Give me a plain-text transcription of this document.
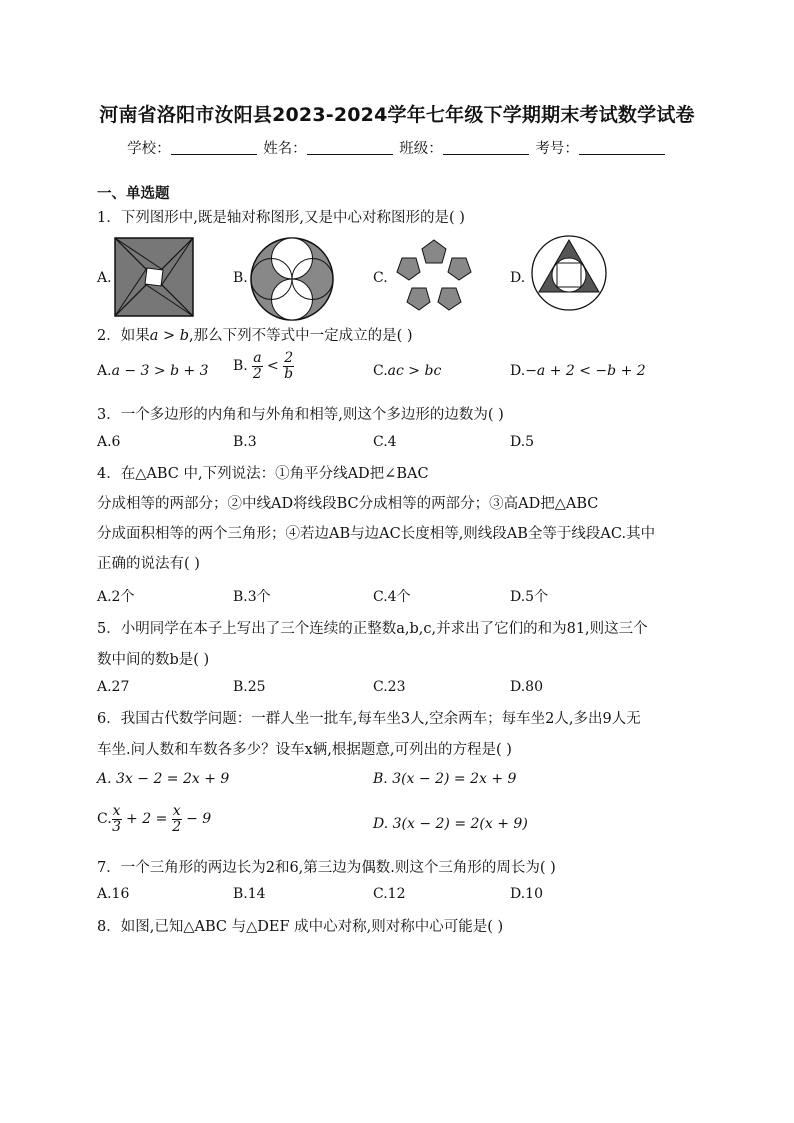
河南省洛阳市汝阳县2023-2024学年七年级下学期期末考试数学试卷
学校：	姓名：	班级：	考号：
一、单选题
1．下列图形中,既是轴对称图形,又是中心对称图形的是( )
A.	B.	C.	D.
2．如果a > b,那么下列不等式中一定成立的是( )
A.a − 3 > b + 3 B. $\frac{a}{2} < \frac{2}{b}$	C.ac > bc	D.−a + 2 < −b + 2
3．一个多边形的内角和与外角和相等,则这个多边形的边数为( )
A.6	B.3	C.4	D.5
4．在△ABC 中,下列说法：①角平分线AD把∠BAC
分成相等的两部分；②中线AD将线段BC分成相等的两部分；③高AD把△ABC
分成面积相等的两个三角形；④若边AB与边AC长度相等,则线段AB全等于线段AC.其中
正确的说法有( )
A.2个	B.3个	C.4个	D.5个
5．小明同学在本子上写出了三个连续的正整数a,b,c,并求出了它们的和为81,则这三个
数中间的数b是( )
A.27	B.25	C.23	D.80
6．我国古代数学问题：一群人坐一批车,每车坐3人,空余两车；每车坐2人,多出9人无
车坐.问人数和车数各多少？设车x辆,根据题意,可列出的方程是( )
A. 3x − 2 = 2x + 9	B. 3(x − 2) = 2x + 9
C. $\frac{x}{3} + 2 = \frac{x}{2} - 9$	D. 3(x − 2) = 2(x + 9)
7．一个三角形的两边长为2和6,第三边为偶数.则这个三角形的周长为( )
A.16	B.14	C.12	D.10
8．如图,已知△ABC 与△DEF 成中心对称,则对称中心可能是( )
